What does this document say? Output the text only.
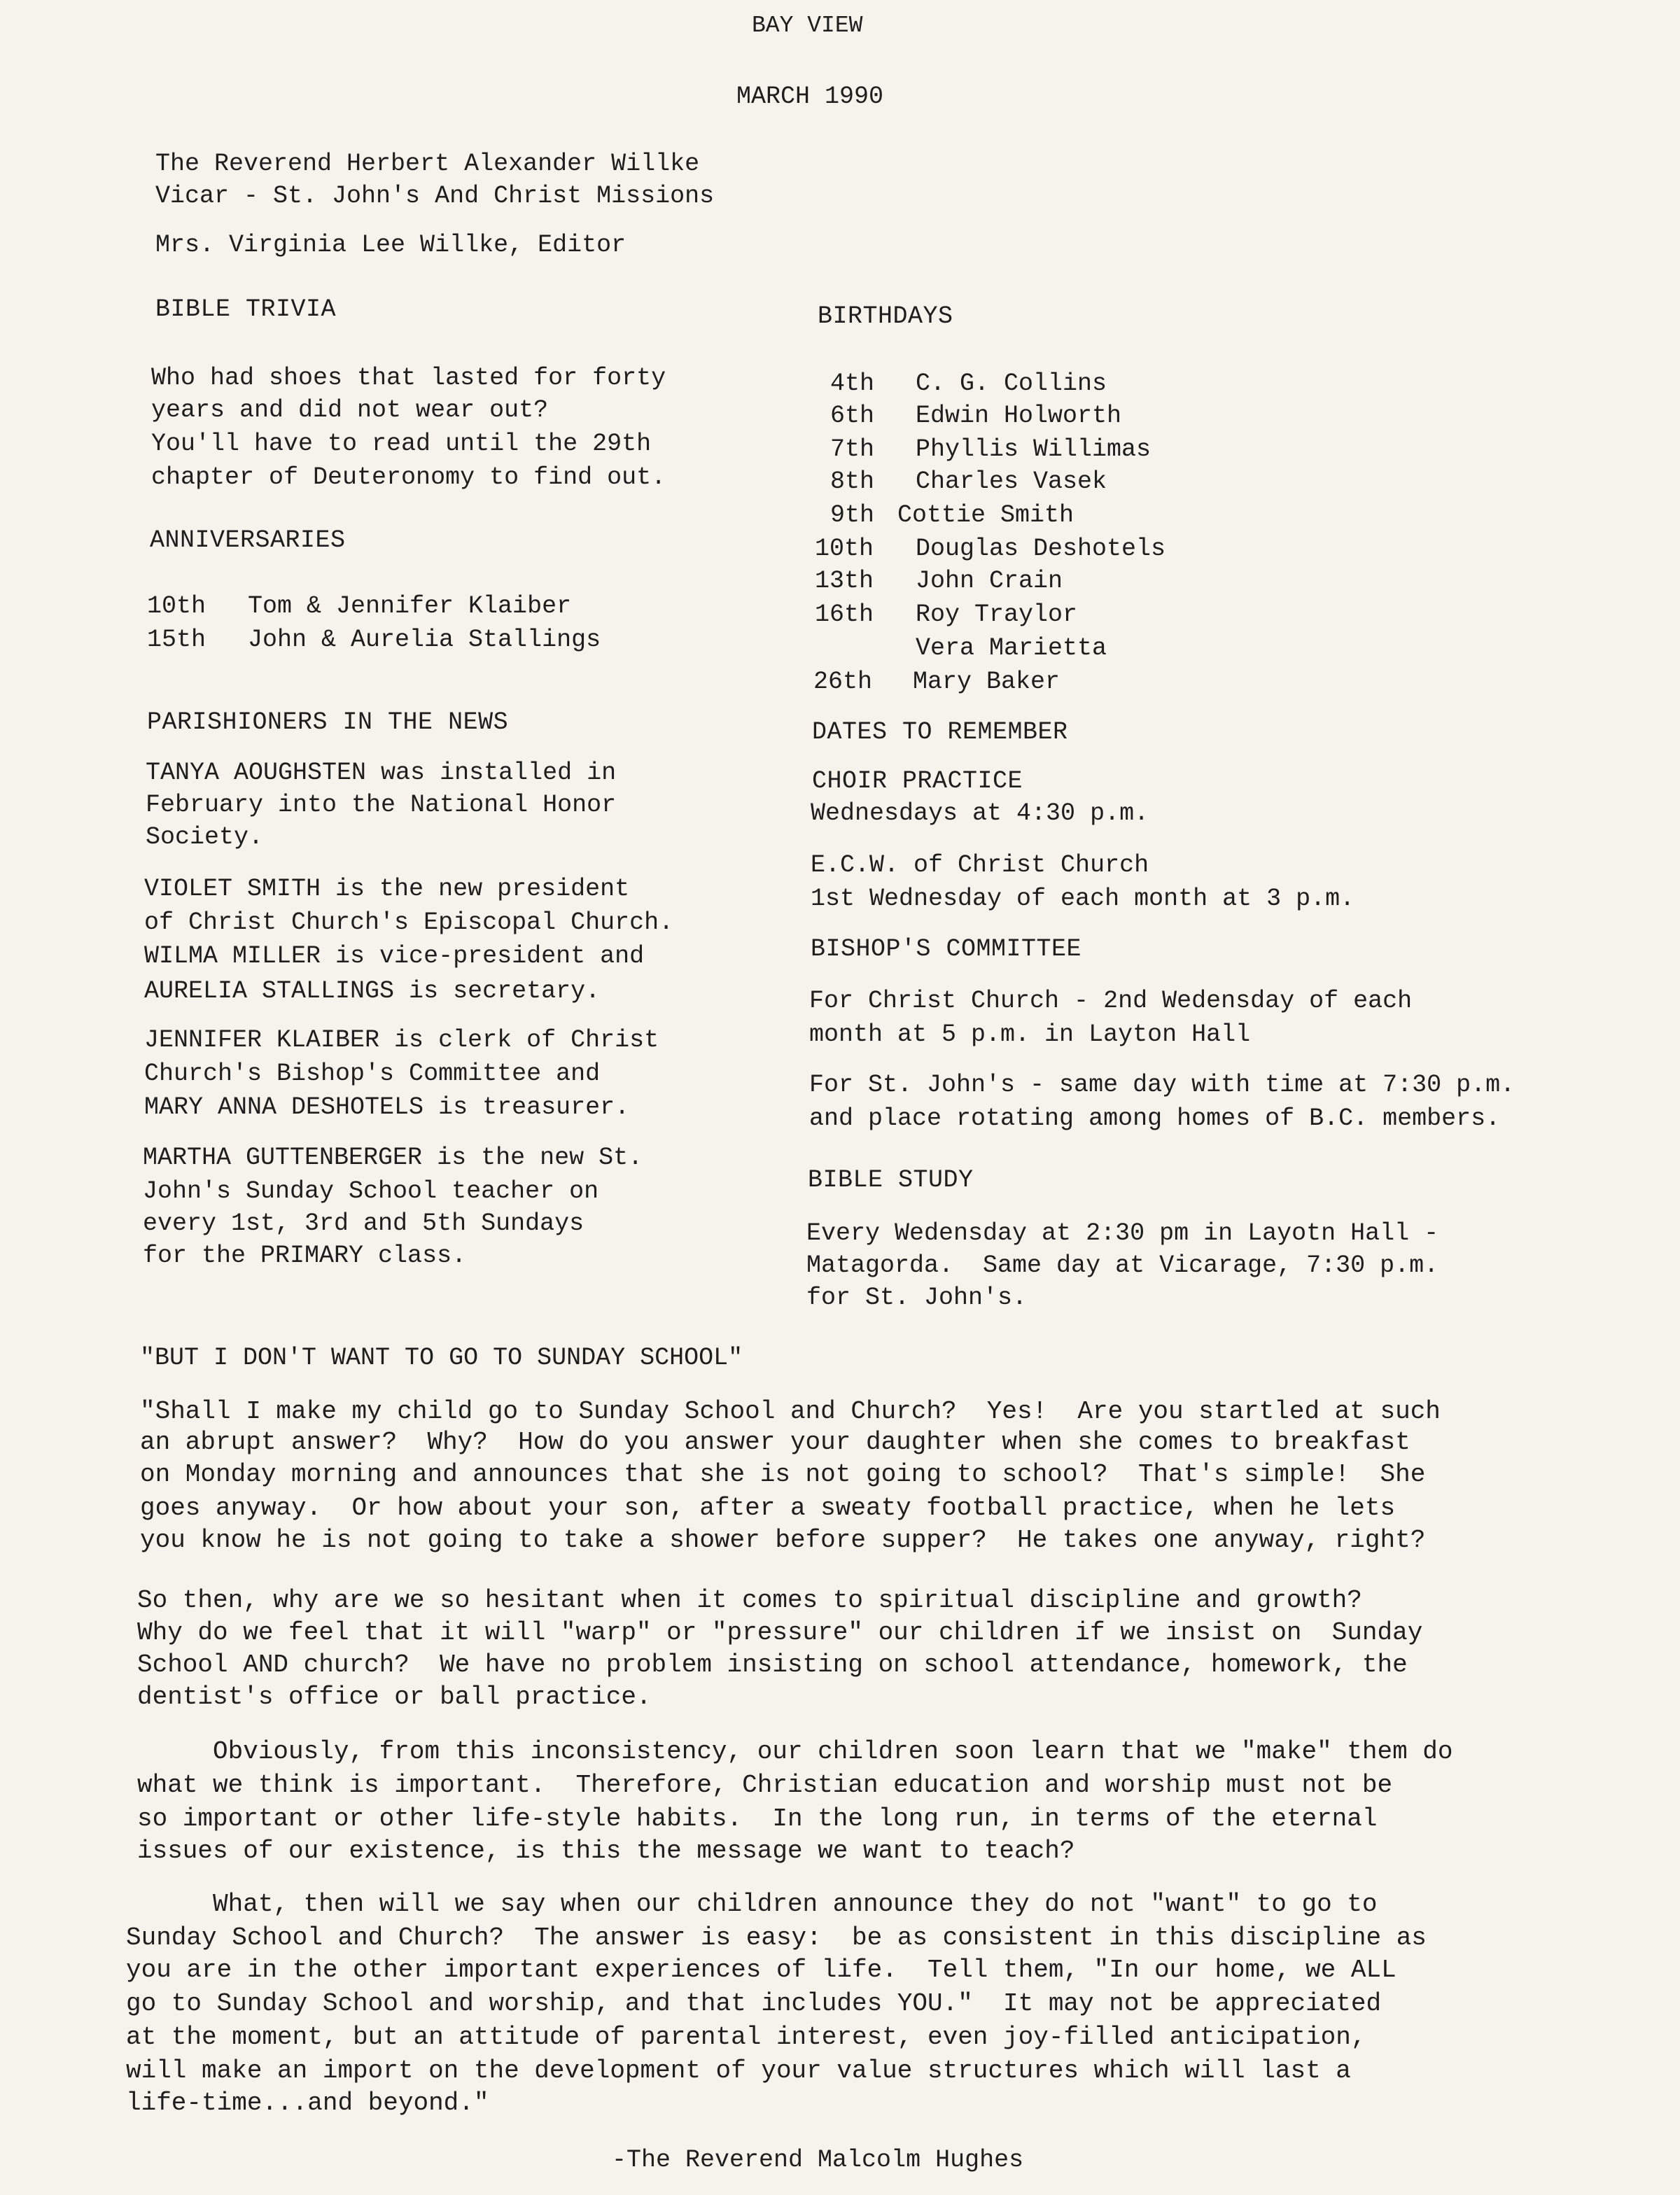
BAY VIEW
MARCH 1990
The Reverend Herbert Alexander Willke
Vicar - St. John's And Christ Missions
Mrs. Virginia Lee Willke, Editor
BIBLE TRIVIA
Who had shoes that lasted for forty
years and did not wear out?
You'll have to read until the 29th
chapter of Deuteronomy to find out.
ANNIVERSARIES
10th Tom & Jennifer Klaiber
15th John & Aurelia Stallings
PARISHIONERS IN THE NEWS
TANYA AOUGHSTEN was installed in
February into the National Honor
Society.
VIOLET SMITH is the new president
of Christ Church's Episcopal Church.
WILMA MILLER is vice-president and
AURELIA STALLINGS is secretary.
JENNIFER KLAIBER is clerk of Christ
Church's Bishop's Committee and
MARY ANNA DESHOTELS is treasurer.
MARTHA GUTTENBERGER is the new St.
John's Sunday School teacher on
every 1st, 3rd and 5th Sundays
for the PRIMARY class.
BIRTHDAYS
4th C. G. Collins
6th Edwin Holworth
7th Phyllis Willimas
8th Charles Vasek
9th Cottie Smith
10th Douglas Deshotels
13th John Crain
16th Roy Traylor
Vera Marietta
26th Mary Baker
DATES TO REMEMBER
CHOIR PRACTICE
Wednesdays at 4:30 p.m.
E.C.W. of Christ Church
1st Wednesday of each month at 3 p.m.
BISHOP'S COMMITTEE
For Christ Church - 2nd Wedensday of each
month at 5 p.m. in Layton Hall
For St. John's - same day with time at 7:30 p.m.
and place rotating among homes of B.C. members.
BIBLE STUDY
Every Wedensday at 2:30 pm in Layotn Hall -
Matagorda.  Same day at Vicarage, 7:30 p.m.
for St. John's.
"BUT I DON'T WANT TO GO TO SUNDAY SCHOOL"
"Shall I make my child go to Sunday School and Church?  Yes!  Are you startled at such
an abrupt answer?  Why?  How do you answer your daughter when she comes to breakfast
on Monday morning and announces that she is not going to school?  That's simple!  She
goes anyway.  Or how about your son, after a sweaty football practice, when he lets
you know he is not going to take a shower before supper?  He takes one anyway, right?
So then, why are we so hesitant when it comes to spiritual discipline and growth?
Why do we feel that it will "warp" or "pressure" our children if we insist on  Sunday
School AND church?  We have no problem insisting on school attendance, homework, the
dentist's office or ball practice.
Obviously, from this inconsistency, our children soon learn that we "make" them do
what we think is important.  Therefore, Christian education and worship must not be
so important or other life-style habits.  In the long run, in terms of the eternal
issues of our existence, is this the message we want to teach?
What, then will we say when our children announce they do not "want" to go to
Sunday School and Church?  The answer is easy:  be as consistent in this discipline as
you are in the other important experiences of life.  Tell them, "In our home, we ALL
go to Sunday School and worship, and that includes YOU."  It may not be appreciated
at the moment, but an attitude of parental interest, even joy-filled anticipation,
will make an import on the development of your value structures which will last a
life-time...and beyond."
-The Reverend Malcolm Hughes
